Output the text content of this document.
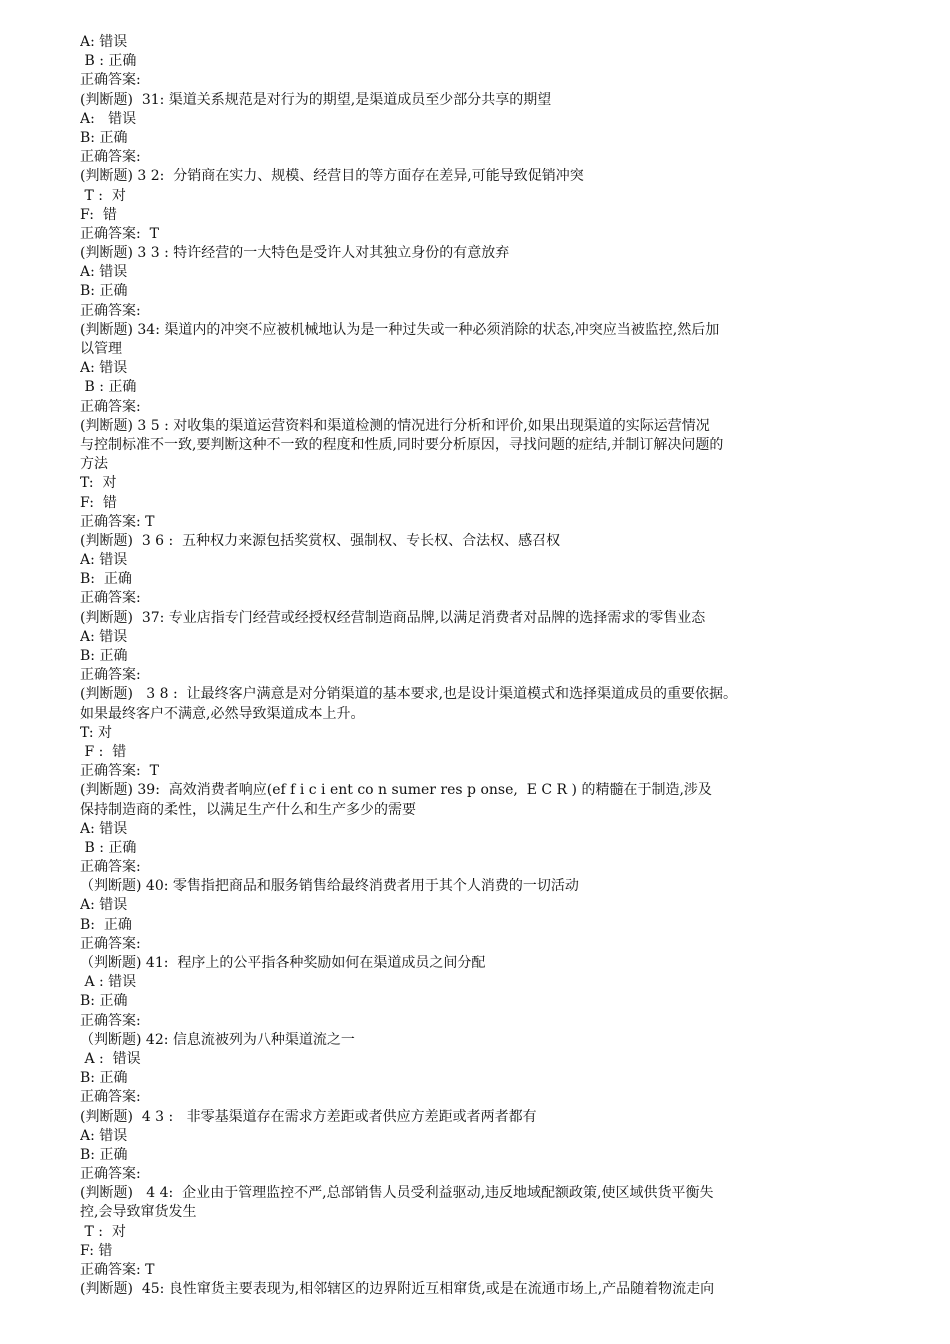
A: 错误
B : 正确
正确答案:
(判断题)  31: 渠道关系规范是对行为的期望,是渠道成员至少部分共享的期望
A:   错误
B: 正确
正确答案:
(判断题) 3 2:  分销商在实力、规模、经营目的等方面存在差异,可能导致促销冲突
T :  对
F:  错
正确答案:  T
(判断题) 3 3 : 特许经营的一大特色是受许人对其独立身份的有意放弃
A: 错误
B: 正确
正确答案:
(判断题) 34: 渠道内的冲突不应被机械地认为是一种过失或一种必须消除的状态,冲突应当被监控,然后加
以管理
A: 错误
B : 正确
正确答案:
(判断题) 3 5 : 对收集的渠道运营资料和渠道检测的情况进行分析和评价,如果出现渠道的实际运营情况
与控制标准不一致,要判断这种不一致的程度和性质,同时要分析原因，寻找问题的症结,并制订解决问题的
方法
T:  对
F:  错
正确答案: T
(判断题)  3 6 :  五种权力来源包括奖赏权、强制权、专长权、合法权、感召权
A: 错误
B:  正确
正确答案:
(判断题)  37: 专业店指专门经营或经授权经营制造商品牌,以满足消费者对品牌的选择需求的零售业态
A: 错误
B: 正确
正确答案:
(判断题)   3 8 :  让最终客户满意是对分销渠道的基本要求,也是设计渠道模式和选择渠道成员的重要依据。
如果最终客户不满意,必然导致渠道成本上升。
T: 对
F :  错
正确答案:  T
(判断题) 39:  高效消费者响应(ef f i c i ent co n sumer res p onse,  E C R ) 的精髓在于制造,涉及
保持制造商的柔性，以满足生产什么和生产多少的需要
A: 错误
B : 正确
正确答案:
（判断题) 40: 零售指把商品和服务销售给最终消费者用于其个人消费的一切活动
A: 错误
B:  正确
正确答案:
（判断题) 41:  程序上的公平指各种奖励如何在渠道成员之间分配
A : 错误
B: 正确
正确答案:
（判断题) 42: 信息流被列为八种渠道流之一
A :  错误
B: 正确
正确答案:
(判断题)  4 3 :   非零基渠道存在需求方差距或者供应方差距或者两者都有
A: 错误
B: 正确
正确答案:
(判断题)   4 4:  企业由于管理监控不严,总部销售人员受利益驱动,违反地域配额政策,使区域供货平衡失
控,会导致窜货发生
T :  对
F: 错
正确答案: T
(判断题)  45: 良性窜货主要表现为,相邻辖区的边界附近互相窜货,或是在流通市场上,产品随着物流走向
